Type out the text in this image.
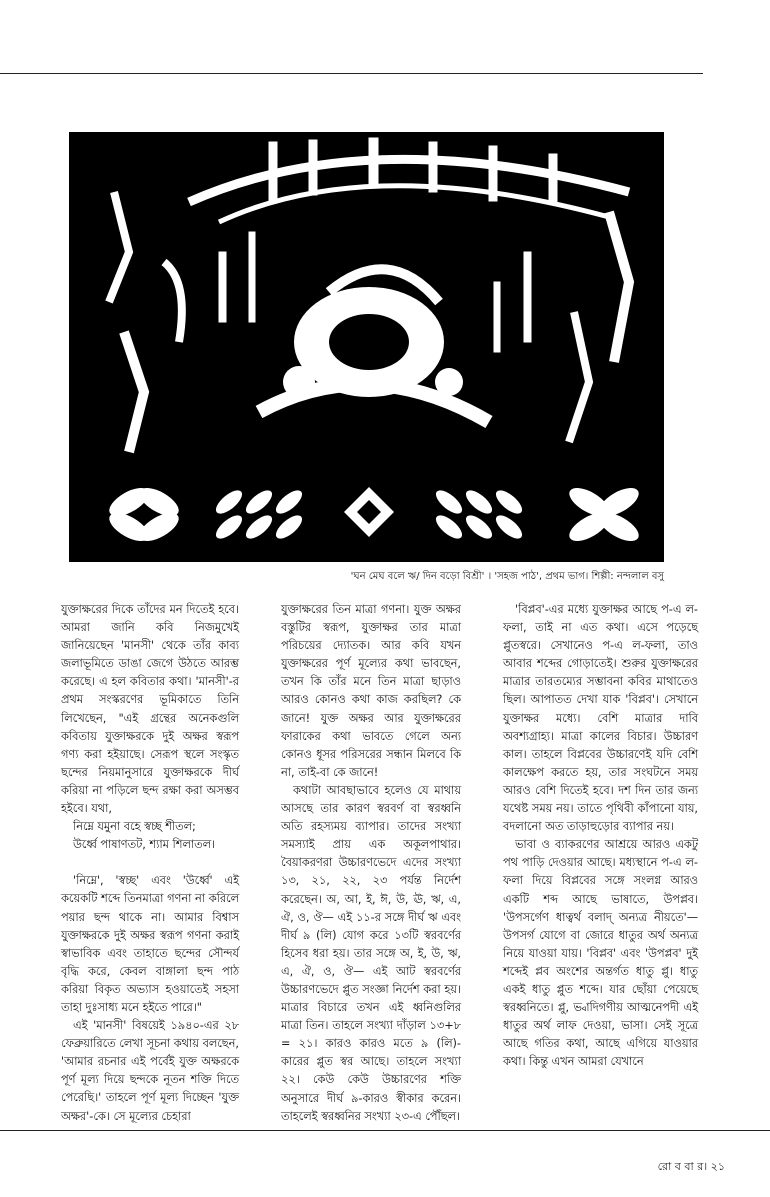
'ঘন মেঘ বলে ঋ/ দিন বড়ো বিশ্রী' । 'সহজ পাঠ', প্রথম ভাগ। শিল্পী: নন্দলাল বসু

যুক্তাক্ষরের দিকে তাঁদের মন দিতেই হবে। আমরা জানি কবি নিজমুখেই জানিয়েছেন 'মানসী' থেকে তাঁর কাব্য জলাভূমিতে ডাঙা জেগে উঠতে আরম্ভ করেছে। এ হল কবিতার কথা। 'মানসী'-র প্রথম সংস্করণের ভূমিকাতে তিনি লিখেছেন, "এই গ্রন্থের অনেকগুলি কবিতায় যুক্তাক্ষরকে দুই অক্ষর স্বরূপ গণ্য করা হইয়াছে। সেরূপ স্থলে সংস্কৃত ছন্দের নিয়মানুসারে যুক্তাক্ষরকে দীর্ঘ করিয়া না পড়িলে ছন্দ রক্ষা করা অসম্ভব হইবে। যথা,

নিম্নে যমুনা বহে স্বচ্ছ শীতল;

উর্ধ্বে পাষাণতট, শ্যাম শিলাতল।

'নিম্নে', 'স্বচ্ছ' এবং 'উর্ধ্বে' এই কয়েকটি শব্দে তিনমাত্রা গণনা না করিলে পয়ার ছন্দ থাকে না। আমার বিশ্বাস যুক্তাক্ষরকে দুই অক্ষর স্বরূপ গণনা করাই স্বাভাবিক এবং তাহাতে ছন্দের সৌন্দর্য বৃদ্ধি করে, কেবল বাঙ্গালা ছন্দ পাঠ করিয়া বিকৃত অভ্যাস হওয়াতেই সহসা তাহা দুঃসাধ্য মনে হইতে পারে।"

এই 'মানসী' বিষয়েই ১৯৪০-এর ২৮ ফেব্রুয়ারিতে লেখা সূচনা কথায় বলছেন, 'আমার রচনার এই পর্বেই যুক্ত অক্ষরকে পূর্ণ মূল্য দিয়ে ছন্দকে নূতন শক্তি দিতে পেরেছি।' তাহলে পূর্ণ মূল্য দিচ্ছেন 'যুক্ত অক্ষর'-কে। সে মূল্যের চেহারা

যুক্তাক্ষরের তিন মাত্রা গণনা। যুক্ত অক্ষর বস্তুটির স্বরূপ, যুক্তাক্ষর তার মাত্রা পরিচয়ের দ্যোতক। আর কবি যখন যুক্তাক্ষরের পূর্ণ মূল্যের কথা ভাবছেন, তখন কি তাঁর মনে তিন মাত্রা ছাড়াও আরও কোনও কথা কাজ করছিল? কে জানে! যুক্ত অক্ষর আর যুক্তাক্ষরের ফারাকের কথা ভাবতে গেলে অন্য কোনও ধূসর পরিসরের সন্ধান মিলবে কি না, তাই-বা কে জানে!

কথাটা আবছাভাবে হলেও যে মাথায় আসছে তার কারণ স্বরবর্ণ বা স্বরধ্বনি অতি রহস্যময় ব্যাপার। তাদের সংখ্যা সমস্যাই প্রায় এক অকূলপাথার। বৈয়াকরণরা উচ্চারণভেদে এদের সংখ্যা ১৩, ২১, ২২, ২৩ পর্যন্ত নির্দেশ করেছেন। অ, আ, ই, ঈ, উ, ঊ, ঋ, এ, ঐ, ও, ঔ— এই ১১-র সঙ্গে দীর্ঘ ঋ এবং দীর্ঘ ৯ (লি) যোগ করে ১৩টি স্বরবর্ণের হিসেব ধরা হয়। তার সঙ্গে অ, ই, উ, ঋ, এ, ঐ, ও, ঔ— এই আট স্বরবর্ণের উচ্চারণভেদে প্লুত সংজ্ঞা নির্দেশ করা হয়। মাত্রার বিচারে তখন এই ধ্বনিগুলির মাত্রা তিন। তাহলে সংখ্যা দাঁড়াল ১৩+৮ = ২১। কারও কারও মতে ৯ (লি)-কারের প্লুত স্বর আছে। তাহলে সংখ্যা ২২। কেউ কেউ উচ্চারণের শক্তি অনুসারে দীর্ঘ ৯-কারও স্বীকার করেন। তাহলেই স্বরধ্বনির সংখ্যা ২৩-এ পৌঁছল।

'বিপ্লব'-এর মধ্যে যুক্তাক্ষর আছে প-এ ল-ফলা, তাই না এত কথা। এসে পড়েছে প্লুতস্বরে। সেখানেও প-এ ল-ফলা, তাও আবার শব্দের গোড়াতেই। শুরুর যুক্তাক্ষরের মাত্রার তারতম্যের সম্ভাবনা কবির মাথাতেও ছিল। আপাতত দেখা যাক 'বিপ্লব'। সেখানে যুক্তাক্ষর মধ্যে। বেশি মাত্রার দাবি অবশ্যগ্রাহ্য। মাত্রা কালের বিচার। উচ্চারণ কাল। তাহলে বিপ্লবের উচ্চারণেই যদি বেশি কালক্ষেপ করতে হয়, তার সংঘটনে সময় আরও বেশি দিতেই হবে। দশ দিন তার জন্য যথেষ্ট সময় নয়। তাতে পৃথিবী কাঁপানো যায়, বদলানো অত তাড়াহুড়োর ব্যাপার নয়।

ভাবা ও ব্যাকরণের আশ্রয়ে আরও একটু পথ পাড়ি দেওয়ার আছে। মধ্যস্থানে প-এ ল-ফলা দিয়ে বিপ্লবের সঙ্গে সংলগ্ন আরও একটি শব্দ আছে ভাষাতে, উপপ্লব। 'উপসর্গেণ ধাত্বর্থ বলাদ্‌ অন্যত্র নীয়তে'— উপসর্গ যোগে বা জোরে ধাতুর অর্থ অন্যত্র নিয়ে যাওয়া যায়। 'বিপ্লব' এবং 'উপপ্লব' দুই শব্দেই প্লব অংশের অন্তর্গত ধাতু প্লু। ধাতু একই ধাতু প্লুত শব্দে। যার ছোঁয়া পেয়েছে স্বরধ্বনিতে। প্লু, ভ্বাদিগণীয় আত্মনেপদী এই ধাতুর অর্থ লাফ দেওয়া, ভাসা। সেই সূত্রে আছে গতির কথা, আছে এগিয়ে যাওয়ার কথা। কিন্তু এখন আমরা যেখানে

রো ব বা র। ২১
